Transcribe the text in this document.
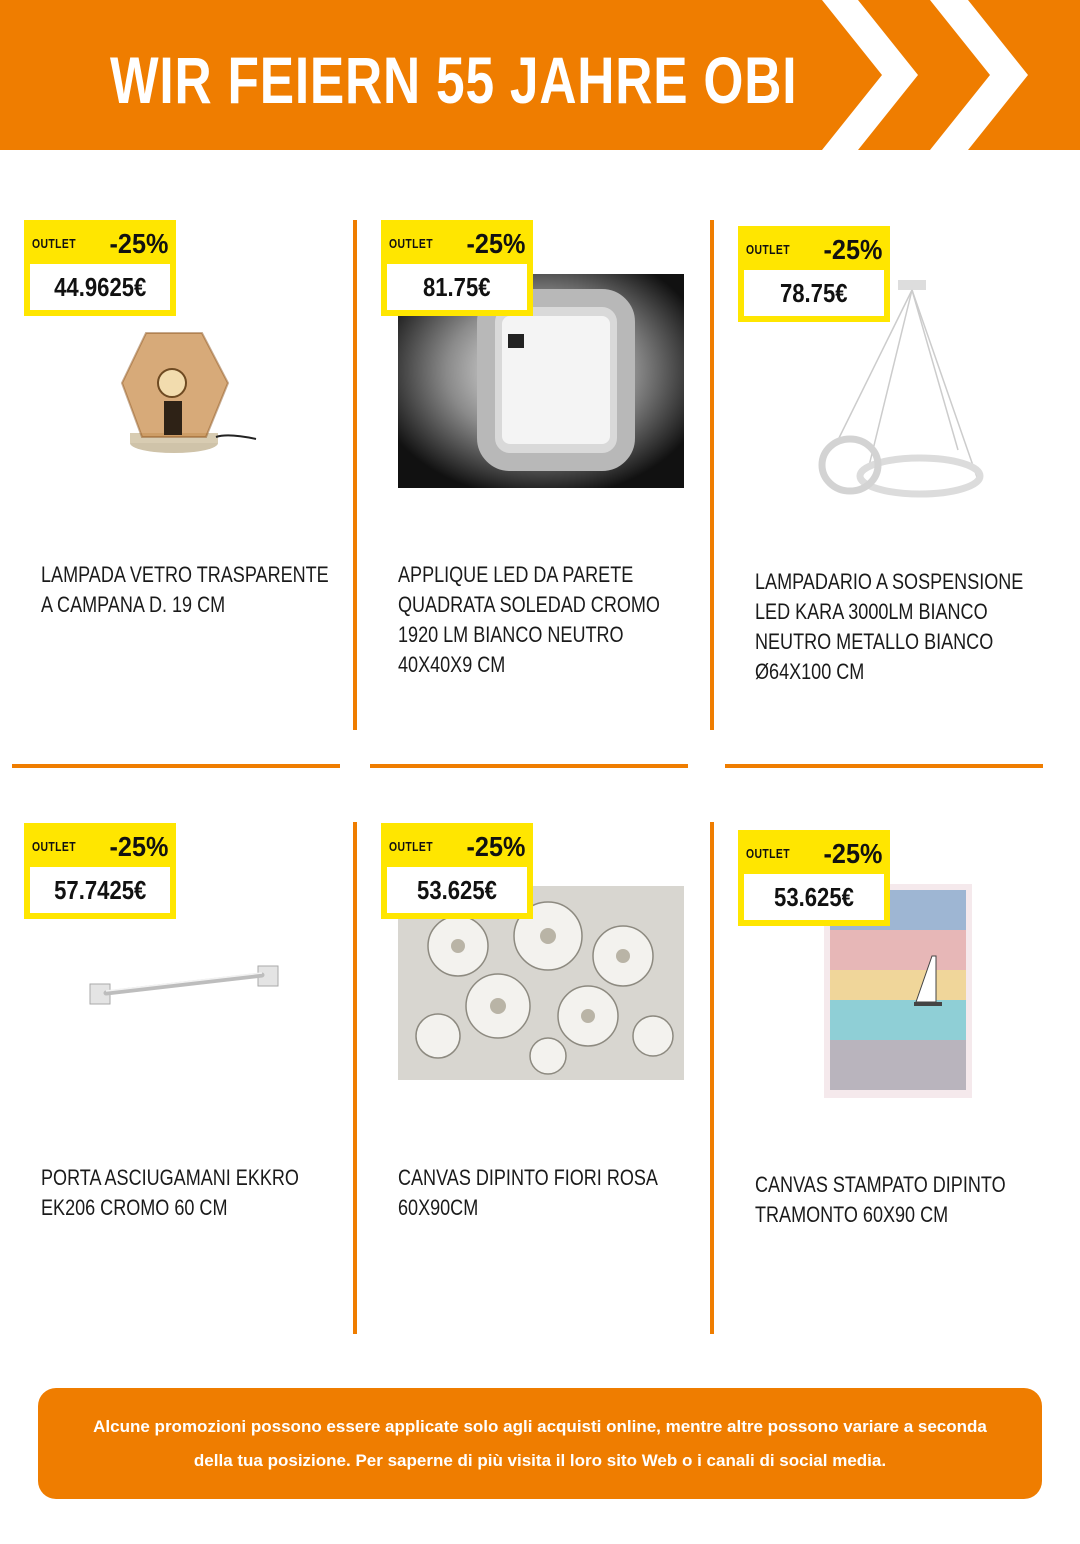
WIR FEIERN 55 JAHRE OBI
OUTLET -25%
44.9625€
LAMPADA VETRO TRASPARENTE A CAMPANA D. 19 CM
OUTLET -25%
81.75€
APPLIQUE LED DA PARETE QUADRATA SOLEDAD CROMO 1920 LM BIANCO NEUTRO 40X40X9 CM
OUTLET -25%
78.75€
LAMPADARIO A SOSPENSIONE LED KARA 3000LM BIANCO NEUTRO METALLO BIANCO Ø64X100 CM
OUTLET -25%
57.7425€
PORTA ASCIUGAMANI EKKRO EK206 CROMO 60 CM
OUTLET -25%
53.625€
CANVAS DIPINTO FIORI ROSA 60X90CM
OUTLET -25%
53.625€
CANVAS STAMPATO DIPINTO TRAMONTO 60X90 CM
Alcune promozioni possono essere applicate solo agli acquisti online, mentre altre possono variare a seconda della tua posizione. Per saperne di più visita il loro sito Web o i canali di social media.
